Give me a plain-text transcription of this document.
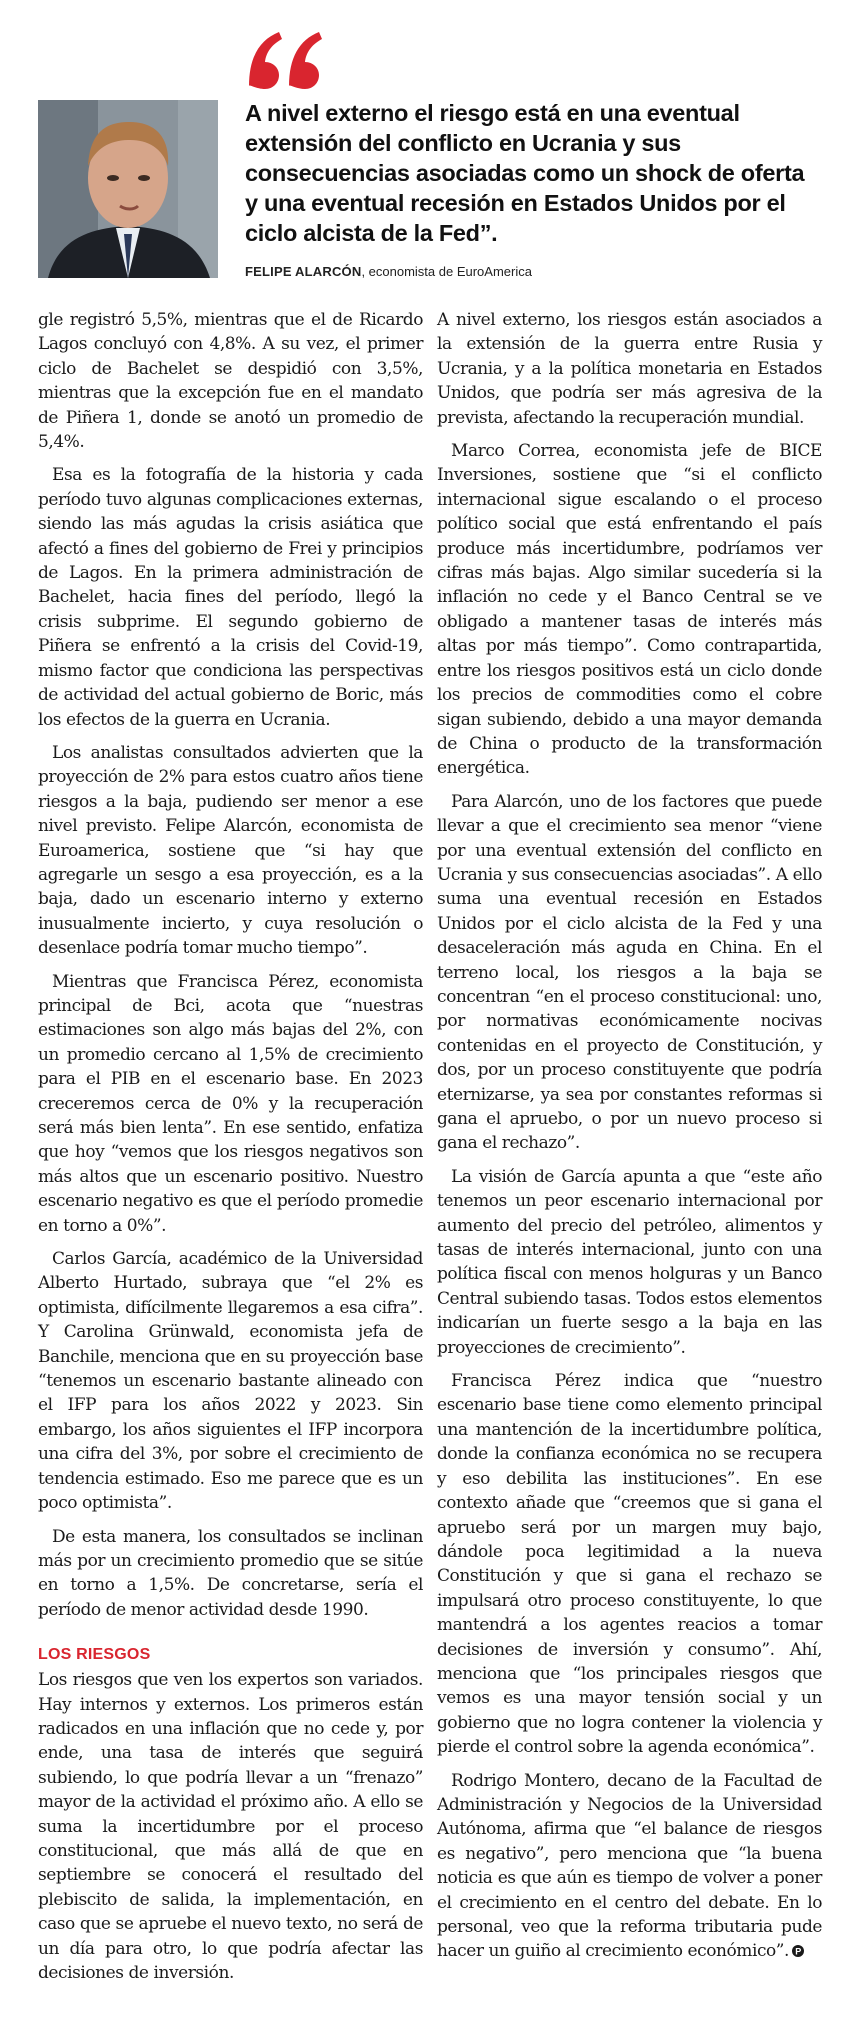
A nivel externo el riesgo está en una eventual extensión del conflicto en Ucrania y sus consecuencias asociadas como un shock de oferta y una eventual recesión en Estados Unidos por el ciclo alcista de la Fed”.

FELIPE ALARCÓN, economista de EuroAmerica

gle registró 5,5%, mientras que el de Ricardo Lagos concluyó con 4,8%. A su vez, el primer ciclo de Bachelet se despidió con 3,5%, mientras que la excepción fue en el mandato de Piñera 1, donde se anotó un promedio de 5,4%.

Esa es la fotografía de la historia y cada período tuvo algunas complicaciones externas, siendo las más agudas la crisis asiática que afectó a fines del gobierno de Frei y principios de Lagos. En la primera administración de Bachelet, hacia fines del período, llegó la crisis subprime. El segundo gobierno de Piñera se enfrentó a la crisis del Covid-19, mismo factor que condiciona las perspectivas de actividad del actual gobierno de Boric, más los efectos de la guerra en Ucrania.

Los analistas consultados advierten que la proyección de 2% para estos cuatro años tiene riesgos a la baja, pudiendo ser menor a ese nivel previsto. Felipe Alarcón, economista de Euroamerica, sostiene que “si hay que agregarle un sesgo a esa proyección, es a la baja, dado un escenario interno y externo inusualmente incierto, y cuya resolución o desenlace podría tomar mucho tiempo”.

Mientras que Francisca Pérez, economista principal de Bci, acota que “nuestras estimaciones son algo más bajas del 2%, con un promedio cercano al 1,5% de crecimiento para el PIB en el escenario base. En 2023 creceremos cerca de 0% y la recuperación será más bien lenta”. En ese sentido, enfatiza que hoy “vemos que los riesgos negativos son más altos que un escenario positivo. Nuestro escenario negativo es que el período promedie en torno a 0%”.

Carlos García, académico de la Universidad Alberto Hurtado, subraya que “el 2% es optimista, difícilmente llegaremos a esa cifra”. Y Carolina Grünwald, economista jefa de Banchile, menciona que en su proyección base “tenemos un escenario bastante alineado con el IFP para los años 2022 y 2023. Sin embargo, los años siguientes el IFP incorpora una cifra del 3%, por sobre el crecimiento de tendencia estimado. Eso me parece que es un poco optimista”.

De esta manera, los consultados se inclinan más por un crecimiento promedio que se sitúe en torno a 1,5%. De concretarse, sería el período de menor actividad desde 1990.

LOS RIESGOS

Los riesgos que ven los expertos son variados. Hay internos y externos. Los primeros están radicados en una inflación que no cede y, por ende, una tasa de interés que seguirá subiendo, lo que podría llevar a un “frenazo” mayor de la actividad el próximo año. A ello se suma la incertidumbre por el proceso constitucional, que más allá de que en septiembre se conocerá el resultado del plebiscito de salida, la implementación, en caso que se apruebe el nuevo texto, no será de un día para otro, lo que podría afectar las decisiones de inversión.

A nivel externo, los riesgos están asociados a la extensión de la guerra entre Rusia y Ucrania, y a la política monetaria en Estados Unidos, que podría ser más agresiva de la prevista, afectando la recuperación mundial.

Marco Correa, economista jefe de BICE Inversiones, sostiene que “si el conflicto internacional sigue escalando o el proceso político social que está enfrentando el país produce más incertidumbre, podríamos ver cifras más bajas. Algo similar sucedería si la inflación no cede y el Banco Central se ve obligado a mantener tasas de interés más altas por más tiempo”. Como contrapartida, entre los riesgos positivos está un ciclo donde los precios de commodities como el cobre sigan subiendo, debido a una mayor demanda de China o producto de la transformación energética.

Para Alarcón, uno de los factores que puede llevar a que el crecimiento sea menor “viene por una eventual extensión del conflicto en Ucrania y sus consecuencias asociadas”. A ello suma una eventual recesión en Estados Unidos por el ciclo alcista de la Fed y una desaceleración más aguda en China. En el terreno local, los riesgos a la baja se concentran “en el proceso constitucional: uno, por normativas económicamente nocivas contenidas en el proyecto de Constitución, y dos, por un proceso constituyente que podría eternizarse, ya sea por constantes reformas si gana el apruebo, o por un nuevo proceso si gana el rechazo”.

La visión de García apunta a que “este año tenemos un peor escenario internacional por aumento del precio del petróleo, alimentos y tasas de interés internacional, junto con una política fiscal con menos holguras y un Banco Central subiendo tasas. Todos estos elementos indicarían un fuerte sesgo a la baja en las proyecciones de crecimiento”.

Francisca Pérez indica que “nuestro escenario base tiene como elemento principal una mantención de la incertidumbre política, donde la confianza económica no se recupera y eso debilita las instituciones”. En ese contexto añade que “creemos que si gana el apruebo será por un margen muy bajo, dándole poca legitimidad a la nueva Constitución y que si gana el rechazo se impulsará otro proceso constituyente, lo que mantendrá a los agentes reacios a tomar decisiones de inversión y consumo”. Ahí, menciona que “los principales riesgos que vemos es una mayor tensión social y un gobierno que no logra contener la violencia y pierde el control sobre la agenda económica”.

Rodrigo Montero, decano de la Facultad de Administración y Negocios de la Universidad Autónoma, afirma que “el balance de riesgos es negativo”, pero menciona que “la buena noticia es que aún es tiempo de volver a poner el crecimiento en el centro del debate. En lo personal, veo que la reforma tributaria pude hacer un guiño al crecimiento económico”. P
